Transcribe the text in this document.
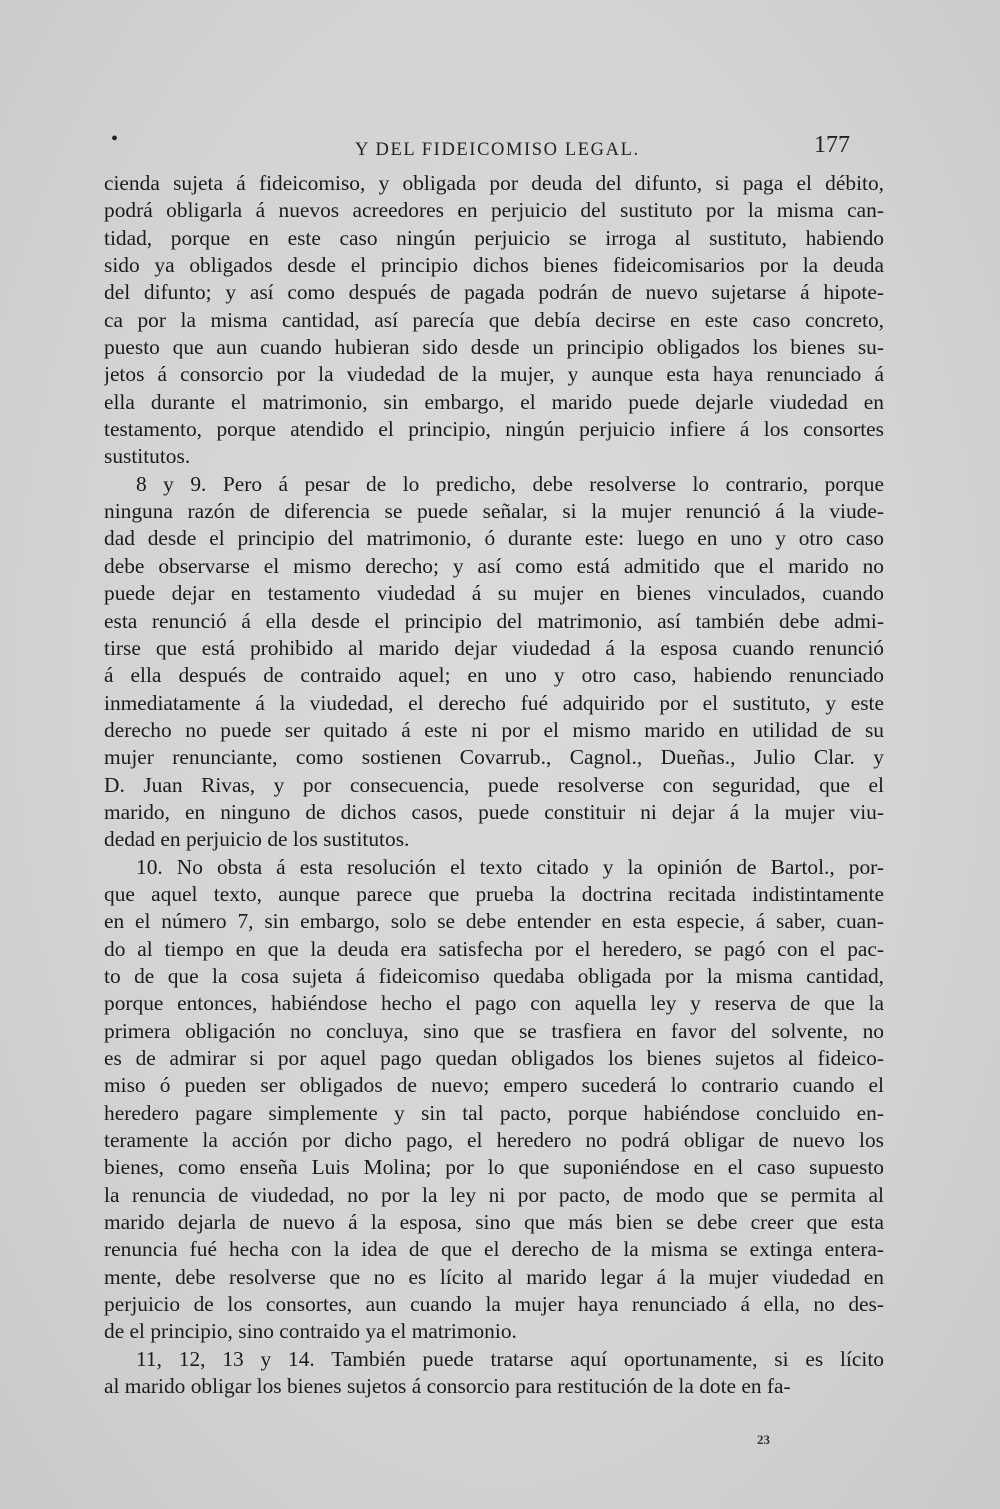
•	Y DEL FIDEICOMISO LEGAL.	177
cienda sujeta á fideicomiso, y obligada por deuda del difunto, si paga el débito,
podrá obligarla á nuevos acreedores en perjuicio del sustituto por la misma can-
tidad, porque en este caso ningún perjuicio se irroga al sustituto, habiendo
sido ya obligados desde el principio dichos bienes fideicomisarios por la deuda
del difunto; y así como después de pagada podrán de nuevo sujetarse á hipote-
ca por la misma cantidad, así parecía que debía decirse en este caso concreto,
puesto que aun cuando hubieran sido desde un principio obligados los bienes su-
jetos á consorcio por la viudedad de la mujer, y aunque esta haya renunciado á
ella durante el matrimonio, sin embargo, el marido puede dejarle viudedad en
testamento, porque atendido el principio, ningún perjuicio infiere á los consortes
sustitutos.
8 y 9. Pero á pesar de lo predicho, debe resolverse lo contrario, porque
ninguna razón de diferencia se puede señalar, si la mujer renunció á la viude-
dad desde el principio del matrimonio, ó durante este: luego en uno y otro caso
debe observarse el mismo derecho; y así como está admitido que el marido no
puede dejar en testamento viudedad á su mujer en bienes vinculados, cuando
esta renunció á ella desde el principio del matrimonio, así también debe admi-
tirse que está prohibido al marido dejar viudedad á la esposa cuando renunció
á ella después de contraido aquel; en uno y otro caso, habiendo renunciado
inmediatamente á la viudedad, el derecho fué adquirido por el sustituto, y este
derecho no puede ser quitado á este ni por el mismo marido en utilidad de su
mujer renunciante, como sostienen Covarrub., Cagnol., Dueñas., Julio Clar. y
D. Juan Rivas, y por consecuencia, puede resolverse con seguridad, que el
marido, en ninguno de dichos casos, puede constituir ni dejar á la mujer viu-
dedad en perjuicio de los sustitutos.
10. No obsta á esta resolución el texto citado y la opinión de Bartol., por-
que aquel texto, aunque parece que prueba la doctrina recitada indistintamente
en el número 7, sin embargo, solo se debe entender en esta especie, á saber, cuan-
do al tiempo en que la deuda era satisfecha por el heredero, se pagó con el pac-
to de que la cosa sujeta á fideicomiso quedaba obligada por la misma cantidad,
porque entonces, habiéndose hecho el pago con aquella ley y reserva de que la
primera obligación no concluya, sino que se trasfiera en favor del solvente, no
es de admirar si por aquel pago quedan obligados los bienes sujetos al fideico-
miso ó pueden ser obligados de nuevo; empero sucederá lo contrario cuando el
heredero pagare simplemente y sin tal pacto, porque habiéndose concluido en-
teramente la acción por dicho pago, el heredero no podrá obligar de nuevo los
bienes, como enseña Luis Molina; por lo que suponiéndose en el caso supuesto
la renuncia de viudedad, no por la ley ni por pacto, de modo que se permita al
marido dejarla de nuevo á la esposa, sino que más bien se debe creer que esta
renuncia fué hecha con la idea de que el derecho de la misma se extinga entera-
mente, debe resolverse que no es lícito al marido legar á la mujer viudedad en
perjuicio de los consortes, aun cuando la mujer haya renunciado á ella, no des-
de el principio, sino contraido ya el matrimonio.
11, 12, 13 y 14. También puede tratarse aquí oportunamente, si es lícito
al marido obligar los bienes sujetos á consorcio para restitución de la dote en fa-
23
